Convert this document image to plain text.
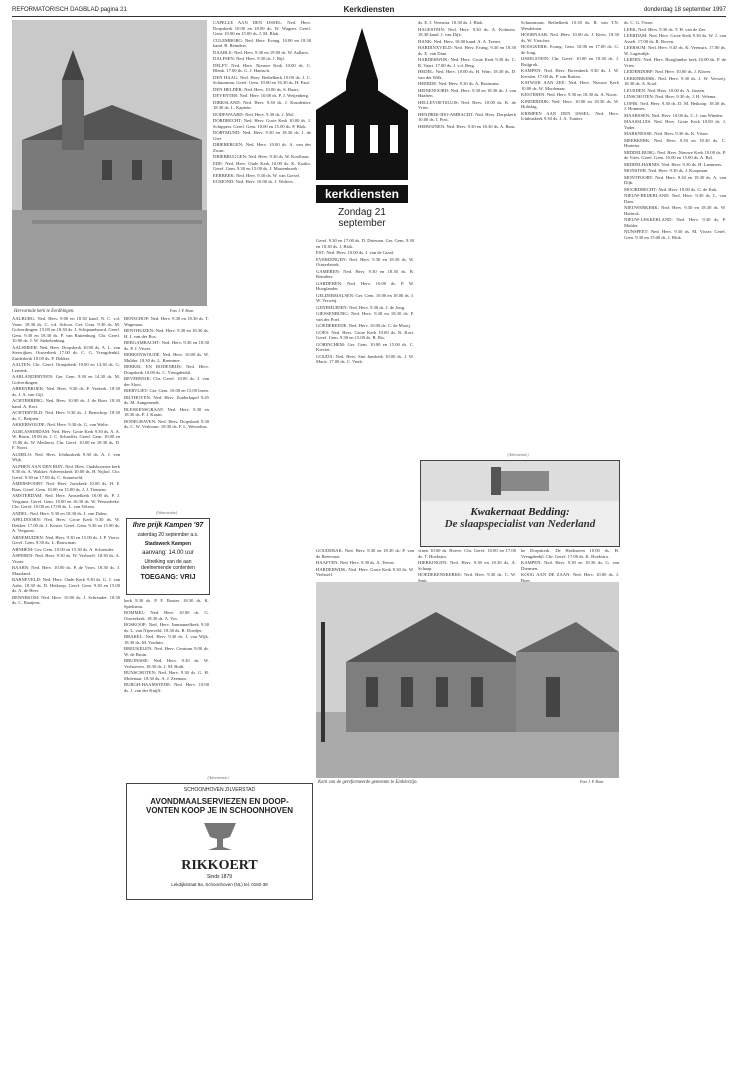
REFORMATORISCH DAGBLAD pagina 21	Kerkdiensten	donderdag 18 september 1997
Hervormde kerk te Eerdbingen.	Foto J. F. Bonn
kerkdiensten
Zondag 21 september

AALBURG: Ned. Herv. 9.00 en 18.30 kand. N. C. v.d. Vaart. 18.30 ds. C. v.d. Schoor. Ger. Gem. 9.30 ds. M. Golverdingen. 15.00 en 18.30 ds. J. Schipaanboord. Geref. Gem. 9.30 en 18.30 ds. P. van Ruitenburg. Chr. Geref. 10.00 ds. J. W. Stekelenburg.

AALSMEER: Ned. Herv. Dorpskerk 10.00 ds. A. L. van Stetwijken. Oosterkerk 17.00 ds. C. G. Vreugdenhil. Zuiderkerk 10.00 ds. P. Dekker.

AALTEN: Chr. Geref. Oranjekerk 10.00 en 14.30 ds. G. Lensink.

AARLANDERVEEN: Ger. Gem. 9.30 en 14.30 ds. M. Golverdingen.

ABBENBROEK: Ned. Herv. 9.30 ds. F. Verkerk. 18.30 ds. J. A. van Gijl.

ACHTERBERG: Ned. Herv. 10.00 ds. J. de Boer. 18.30 kand. A. Kort.

ACHTERVELD: Ned. Herv. 9.30 ds. J. Benschop. 18.30 ds. C. Reijnen.

AKKERWOUDE: Ned. Herv. 9.30 ds. G. van Welie.

ALBLASSERDAM: Ned. Herv. Grote Kerk 9.30 ds. A. A. W. Bruin. 19.00 ds. J. C. Schaeffer. Geref. Gem. 10.00 en 15.00 ds. W. Methorst. Chr. Geref. 10.00 en 18.30 ds. D. F. Noort.

ALMELO: Ned. Herv. Ichthuskerk 9.30 ds. A. J. van Wijk.

ALPHEN AAN DEN RIJN: Ned. Herv. Oudshoornse kerk 9.30 ds. A. Wakker. Adventskerk 10.00 ds. H. Nijhof. Chr. Geref. 9.30 en 17.00 ds. C. Sonneveld.

AMERSFOORT: Ned. Herv. Joriskerk 10.00 ds. H. F. Baas. Geref. Gem. 10.00 en 15.00 ds. J. J. Tiemens.

AMSTERDAM: Ned. Herv. Amstelkerk 10.00 ds. P. J. Vergunst. Geref. Gem. 10.00 en 16.30 ds. W. Westerbeke. Chr. Geref. 10.00 en 17.00 ds. L. van Velzen.

ANDEL: Ned. Herv. 9.30 en 18.30 ds. J. van Dalen.

APELDOORN: Ned. Herv. Grote Kerk 9.30 ds. W. Dekker. 17.00 ds. J. Koster. Geref. Gem. 9.30 en 15.00 ds. A. Vergunst.

ARNEMUIDEN: Ned. Herv. 9.30 en 15.00 ds. J. P. Vierw. Geref. Gem. 9.30 ds. L. Bouwman.

ARNHEM: Ger. Gem. 10.00 en 15.30 ds. A. Schreuder.

ASPEREN: Ned. Herv. 9.30 ds. W. Verhoeff. 18.30 ds. A. Visser.

BAARN: Ned. Herv. 10.00 ds. P. de Vries. 18.30 ds. J. Maasland.

BARNEVELD: Ned. Herv. Oude Kerk 9.30 ds. G. J. van Aalst. 18.30 ds. D. Heikoop. Geref. Gem. 9.30 en 15.00 ds. A. de Heer.

BENNEKOM: Ned. Herv. 10.00 ds. J. Schreuder. 18.30 ds. C. Baaijens.

BENSCHOP: Ned. Herv. 9.30 en 18.30 ds. T. Wagenaar.

BENTHUIZEN: Ned. Herv. 9.30 en 18.30 ds. H. J. van der Ros.

BERGAMBACHT: Ned. Herv. 9.30 en 18.30 ds. P. J. Visser.

BERKENWOUDE: Ned. Herv. 10.00 ds. W. Mulder. 18.30 ds. L. Bremmer.

BERKEL EN RODENRIJS: Ned. Herv. Dorpskerk 10.00 ds. C. Vreugdenhil.

BEVERWIJK: Chr. Geref. 10.00 ds. J. van der Sloot.

BIERVLIET: Ger. Gem. 10.00 en 15.00 lezen.

BILTHOVEN: Ned. Herv. Zuiderkapel 9.45 ds. M. Aangenendt.

BLESKENSGRAAF: Ned. Herv. 9.30 en 18.30 ds. P. J. Kraan.

BODEGRAVEN: Ned. Herv. Dorpskerk 9.30 ds. C. W. Verboom. 18.30 ds. F. L. Wesselius.

(Advertentie)
Ihre prijk Kampen '97
zaterdag 20 september a.s.
Stadswerk Kampen
aanvang: 14.00 uur
Uitreiking van de aan
deelnemende contenten
TOEGANG: VRIJ

kerk 9.30 ds. P. F. Bouter. 18.30 ds. K. Spieksma.

BOMMEL: Ned. Herv. 10.00 ds. G. Ouwerkerk. 18.30 ds. A. Vos.

BOSKOOP: Ned. Herv. Immanuelkerk 9.30 ds. L. van Nijenveld. 18.30 ds. R. Doedjer.

BRAKEL: Ned. Herv. 9.30 ds. J. van Wijk. 18.30 ds. M. Verduin.

BREUKELEN: Ned. Herv. Centrum 9.00 ds. W. de Bruin.

BRUINISSE: Ned. Herv. 9.30 ds. W. Verhoeven. 18.30 ds. J. M. Both.

BUNSCHOTEN: Ned. Herv. 9.30 ds. G. H. Molenaar. 18.30 ds. A. J. Zeeman.

BURGH-HAAMSTEDE: Ned. Herv. 10.00 ds. J. van der Knijff.

CAPELLE AAN DEN IJSSEL: Ned. Herv. Dorpskerk 10.00 en 18.00 ds. W. Wagner. Geref. Gem. 10.00 en 15.00 ds. J. M. Blok.

CULEMBORG: Ned. Herv. Evang. 10.00 en 18.30 kand. B. Reinders.

DAARLE: Ned. Herv. 9.30 en 19.00 ds. W. Aalbers.

DALFSEN: Ned. Herv. 9.30 ds. J. Bijl.

DELFT: Ned. Herv. Nieuwe Kerk 10.00 ds. C. Blenk. 17.00 ds. G. J. Hamsch.

DEN HAAG: Ned. Herv. Bethelkerk 10.00 ds. J. C. Schuurman. Geref. Gem. 10.00 en 16.30 ds. H. Paul.

DEN HELDER: Ned. Herv. 10.00 ds. S. Baars.

DEVENTER: Ned. Herv. 10.00 ds. P. J. Weijenberg.

DIRKSLAND: Ned. Herv. 9.30 ds. J. Kruidenier. 18.30 ds. L. Kaptein.

DODEWAARD: Ned. Herv. 9.30 ds. J. Mol.

DORDRECHT: Ned. Herv. Grote Kerk 10.00 ds. J. Schippers. Geref. Gem. 10.00 en 15.00 ds. P. Blok.

DORTMUND: Ned. Herv. 9.30 en 18.30 ds. J. de Gier.

DRIEBERGEN: Ned. Herv. 10.00 ds. A. van der Zwan.

DRIEBRUGGEN: Ned. Herv. 9.30 ds. W. Koolhaas.

EDE: Ned. Herv. Oude Kerk 10.00 ds. K. Exalto. Geref. Gem. 9.30 en 15.00 ds. J. Mastenbroek.

EERBEEK: Ned. Herv. 9.30 ds. W. van Gorsel.

EGMOND: Ned. Herv. 10.00 ds. J. Wolters.

Geref. 9.30 en 17.00 ds. D. Driessen. Ger. Gem. 9.30 en 18.30 ds. J. Blok.

EST: Ned. Herv. 10.00 ds. J. van de Graaf.

EVERDINGEN: Ned. Herv. 9.30 en 18.30 ds. W. Oosterbroek.

GAMEREN: Ned. Herv. 9.30 en 18.30 ds. B. Reinders.

GARDEREN: Ned. Herv. 10.00 ds. P. W. Hooglander.

GELDERMALSEN: Ger. Gem. 10.00 en 18.00 ds. J. W. Verweij.

GENEMUIDEN: Ned. Herv. 9.30 ds. J. de Jong.

GIESSENBURG: Ned. Herv. 9.30 en 18.30 ds. P. van der Poel.

GOEDEREEDE: Ned. Herv. 10.00 ds. C. de Mooij.

GOES: Ned. Herv. Grote Kerk 10.00 ds. R. Kort. Geref. Gem. 9.30 en 15.00 ds. B. Ris.

GORINCHEM: Ger. Gem. 10.00 en 15.00 ds. C. Kieviet.

GOUDA: Ned. Herv. Sint Janskerk 10.00 ds. J. W. Maris. 17.00 ds. C. Vonk.

ds. E. J. Veenstra. 18.30 ds. J. Blok.

HAGESTEIN: Ned. Herv. 9.30 ds. A. Kolmers. 18.30 kand. J. van Dijk.

HANK: Ned. Herv. 10.00 kand. A. A. Teeuw.

HARDINXVELD: Ned. Herv. Evang. 9.30 en 18.30 ds. E. van Dam.

HARDERWIJK: Ned. Herv. Grote Kerk 9.30 ds. C. R. Vaart. 17.00 ds. J. v.d. Berg.

HEDEL: Ned. Herv. 10.00 ds. H. Wim. 18.30 ds. D. van der Wilk.

HEERDE: Ned. Herv. 9.30 ds. A. Bruinsma.

HEINENOORD: Ned. Herv. 9.30 en 18.30 ds. J. van Haaften.

HELLEVOETSLUIS: Ned. Herv. 10.00 ds. K. de Vries.

HENDRIK-IDO-AMBACHT: Ned. Herv. Dorpskerk 10.00 ds. I. Post.

HERWIJNEN: Ned. Herv. 9.30 en 18.30 ds. A. Baas.

Schuurmans. Bethelkerk 10.30 ds. R. van T.N. Wesdeinen.

HOORNAAR: Ned. Herv. 10.00 ds. J. Kiers. 18.30 ds. W. Visscher.

HOOGKERK: Evang. Gem. 10.00 en 17.00 ds. G. de Jong.

IJSSELSTEIN: Chr. Geref. 10.00 en 18.30 ds. J. Ruijgrok.

KAMPEN: Ned. Herv. Bovenkerk 9.30 ds. J. W. Kersten. 17.00 ds. P. van Ruiten.

KATWIJK AAN ZEE: Ned. Herv. Nieuwe Kerk 10.00 ds. W. Moolenaar.

KESTEREN: Ned. Herv. 9.30 en 18.30 ds. A. Noort.

KINDERDIJK: Ned. Herv. 10.00 en 18.30 ds. W. Holtslag.

KRIMPEN AAN DEN IJSSEL: Ned. Herv. Ichthuskerk 9.30 ds. J. A. Tuinier.

ds. C. G. Visser.

LEEK: Ned. Herv. 9.30 ds. T. H. van de Zee.

LEERDAM: Ned. Herv. Grote Kerk 9.30 ds. W. J. van Asselt. 17.00 ds. R. Boven.

LEERSUM: Ned. Herv. 9.45 ds. K. Veenstra. 17.00 ds. W. Lagendijk.

LEIDEN: Ned. Herv. Hooglandse kerk 10.00 ds. P. de Vries.

LEIDERDORP: Ned. Herv. 10.00 ds. J. Klaver.

LEKKERKERK: Ned. Herv. 9.30 ds. J. W. Verweij. 18.30 ds. A. Kool.

LEUSDEN: Ned. Herv. 10.00 ds. A. Jansen.

LINSCHOTEN: Ned. Herv. 9.30 ds. J. H. Velema.

LOPIK: Ned. Herv. 9.30 ds. D. M. Heikoop. 18.30 ds. J. Hommes.

MAARSSEN: Ned. Herv. 10.00 ds. C. J. van Winden.

MAASSLUIS: Ned. Herv. Grote Kerk 10.00 ds. J. Vader.

MARKNESSE: Ned. Herv. 9.30 ds. K. Visser.

MEERKERK: Ned. Herv. 9.30 en 18.30 ds. C. Hurteau.

MIDDELBURG: Ned. Herv. Nieuwe Kerk 10.00 ds. P. de Vries. Geref. Gem. 10.00 en 15.00 ds. A. Bel.

MIDDELHARNIS: Ned. Herv. 9.30 ds. H. Lammers.

MONSTER: Ned. Herv. 9.30 ds. J. Koopman.

MONTFOORT: Ned. Herv. 9.30 en 18.30 ds. A. van Dijk.

MOORDRECHT: Ned. Herv. 10.00 ds. G. de Kok.

NIEUW-BEIJERLAND: Ned. Herv. 9.30 ds. L. van Dam.

NIEUWERKERK: Ned. Herv. 9.30 en 18.30 ds. W. Harinck.

NIEUW-LEKKERLAND: Ned. Herv. 9.30 ds. P. Mulder.

NUNSPEET: Ned. Herv. 9.30 ds. M. Visser. Geref. Gem. 9.30 en 15.00 ds. J. Blok.

(Advertentie)
Kwakernaat Bedding:
De slaapspecialist van Nederland

GOUDERAK: Ned. Herv. 9.30 en 18.30 ds. P. van de Breevaart.

HAAFTEN: Ned. Herv. 9.30 ds. A. Teeuw.

HARDERWIJK: Ned. Herv. Grote Kerk 9.30 ds. W. Verhoeff.

vinen 10.00 ds. Hoeve. Chr. Geref. 10.00 en 17.00 ds. T. Hoekstra.

HIERKINGEN: Ned. Herv. 9.30 en 18.30 ds. A. Schaap.

HOEDEKENSKERKE: Ned. Herv. 9.30 ds. C. W. Smit.

ke Dorpskerk. De Hoeksteen 10.00 ds. H. Vreugdenhil. Chr. Geref. 17.00 ds. K. Hoekstra.

KAMPEN: Ned. Herv. 9.30 en 18.30 ds. G. van Diermen.

KOOG AAN DE ZAAN: Ned. Herv. 10.00 ds. J. Boer.

Kerk van de gereformeerde gemeente te Emblerzijn.	Foto J. F. Bonn
(Advertentie)
SCHOONHOVEN ZILVERSTAD
AVONDMAALSERVIEZEN EN DOOP-
VONTEN KOOP JE IN SCHOONHOVEN
RIKKOERT
Sinds 1879
Lekdijkstraat 8a, Schoonhoven (NL) tel. 0182-38
